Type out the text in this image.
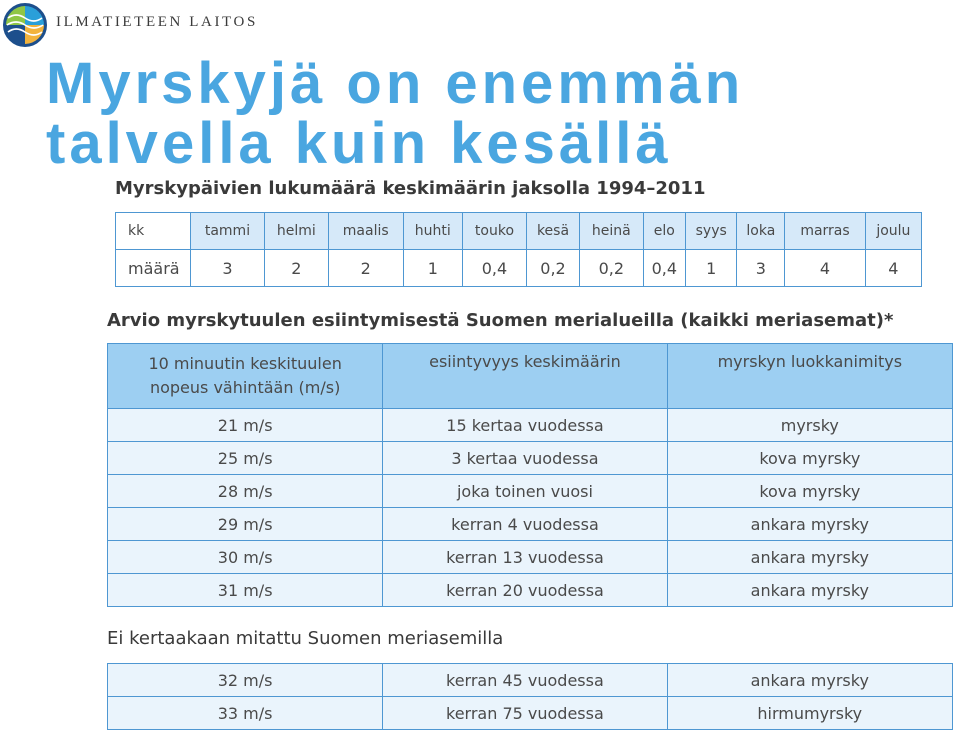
ILMATIETEEN LAITOS
Myrskyjä on enemmän
talvella kuin kesällä
Myrskypäivien lukumäärä keskimäärin jaksolla 1994–2011
kk	tammi	helmi	maalis	huhti	touko	kesä	heinä	elo	syys	loka	marras	joulu
määrä	3	2	2	1	0,4	0,2	0,2	0,4	1	3	4	4
Arvio myrskytuulen esiintymisestä Suomen merialueilla (kaikki meriasemat)*
10 minuutin keskituulen
nopeus vähintään (m/s)	esiintyvyys keskimäärin	myrskyn luokkanimitys
21 m/s	15 kertaa vuodessa	myrsky
25 m/s	3 kertaa vuodessa	kova myrsky
28 m/s	joka toinen vuosi	kova myrsky
29 m/s	kerran 4 vuodessa	ankara myrsky
30 m/s	kerran 13 vuodessa	ankara myrsky
31 m/s	kerran 20 vuodessa	ankara myrsky
Ei kertaakaan mitattu Suomen meriasemilla
32 m/s	kerran 45 vuodessa	ankara myrsky
33 m/s	kerran 75 vuodessa	hirmumyrsky
